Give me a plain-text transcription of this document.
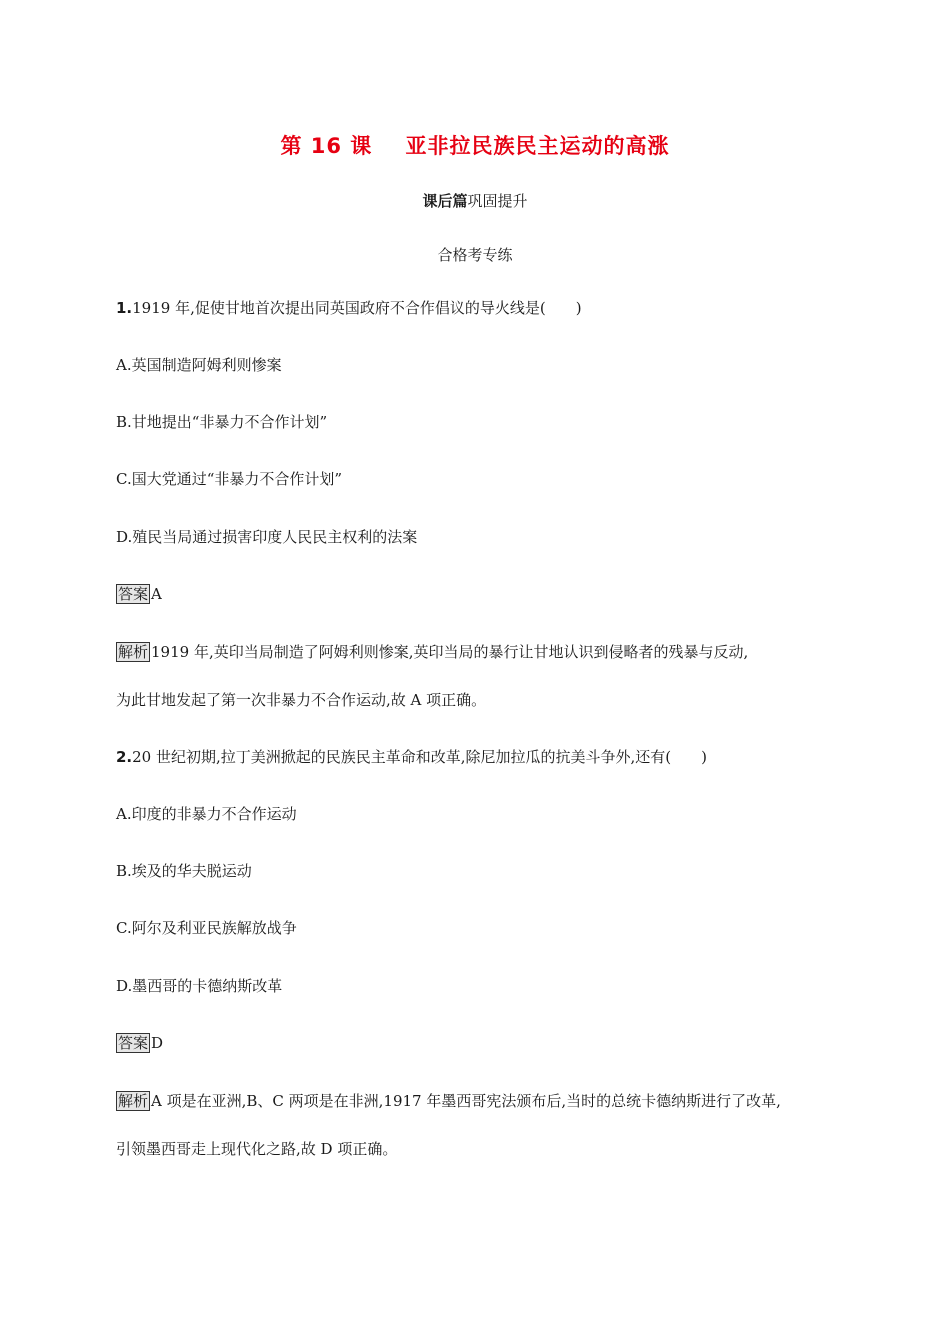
第 16 课    亚非拉民族民主运动的高涨
课后篇巩固提升
合格考专练
1.1919 年,促使甘地首次提出同英国政府不合作倡议的导火线是(　　)
A.英国制造阿姆利则惨案
B.甘地提出“非暴力不合作计划”
C.国大党通过“非暴力不合作计划”
D.殖民当局通过损害印度人民民主权利的法案
答案 A
解析 1919 年,英印当局制造了阿姆利则惨案,英印当局的暴行让甘地认识到侵略者的残暴与反动,
为此甘地发起了第一次非暴力不合作运动,故 A 项正确。
2.20 世纪初期,拉丁美洲掀起的民族民主革命和改革,除尼加拉瓜的抗美斗争外,还有(　　)
A.印度的非暴力不合作运动
B.埃及的华夫脱运动
C.阿尔及利亚民族解放战争
D.墨西哥的卡德纳斯改革
答案 D
解析 A 项是在亚洲,B、C 两项是在非洲,1917 年墨西哥宪法颁布后,当时的总统卡德纳斯进行了改革,
引领墨西哥走上现代化之路,故 D 项正确。
